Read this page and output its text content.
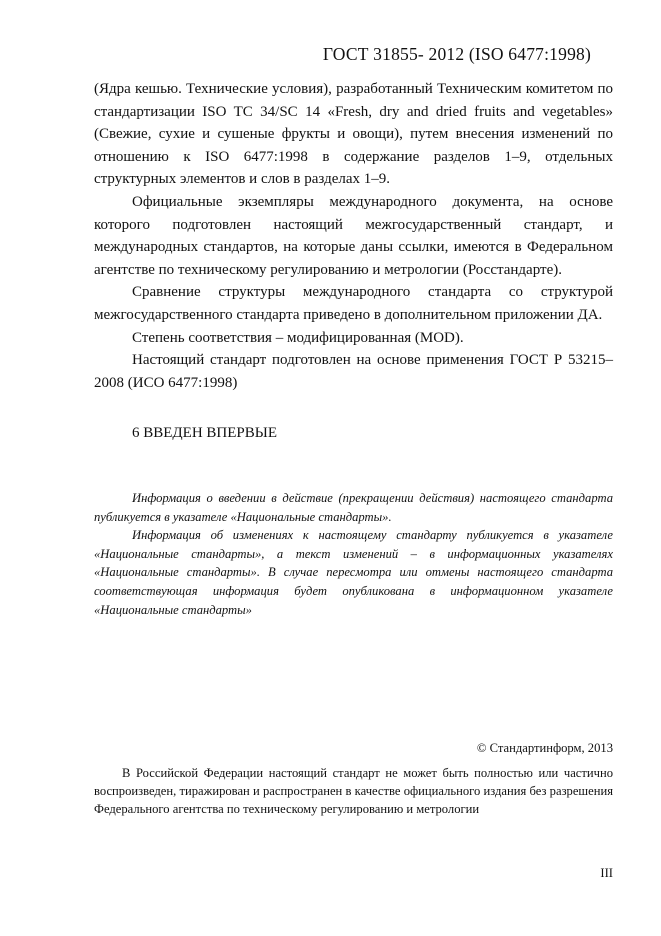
ГОСТ 31855- 2012 (ISO 6477:1998)

(Ядра кешью. Технические условия), разработанный Техническим комитетом по стандартизации ISO TC 34/SC 14 «Fresh, dry and dried fruits and vegetables» (Свежие, сухие и сушеные фрукты и овощи), путем внесения изменений по отношению к ISO 6477:1998 в содержание разделов 1–9, отдельных структурных элементов и слов в разделах 1–9.

Официальные экземпляры международного документа, на основе которого подготовлен настоящий межгосударственный стандарт, и международных стандартов, на которые даны ссылки, имеются в Федеральном агентстве по техническому регулированию и метрологии (Росстандарте).

Сравнение структуры международного стандарта со структурой межгосударственного стандарта приведено в дополнительном приложении ДА.

Степень соответствия – модифицированная (MOD).

Настоящий стандарт подготовлен на основе применения ГОСТ Р 53215–2008 (ИСО 6477:1998)

6 ВВЕДЕН ВПЕРВЫЕ

Информация о введении в действие (прекращении действия) настоящего стандарта публикуется в указателе «Национальные стандарты».

Информация об изменениях к настоящему стандарту публикуется в указателе «Национальные стандарты», а текст изменений – в информационных указателях «Национальные стандарты». В случае пересмотра или отмены настоящего стандарта соответствующая информация будет опубликована в информационном указателе «Национальные стандарты»

© Стандартинформ, 2013

В Российской Федерации настоящий стандарт не может быть полностью или частично воспроизведен, тиражирован и распространен в качестве официального издания без разрешения Федерального агентства по техническому регулированию и метрологии

III
